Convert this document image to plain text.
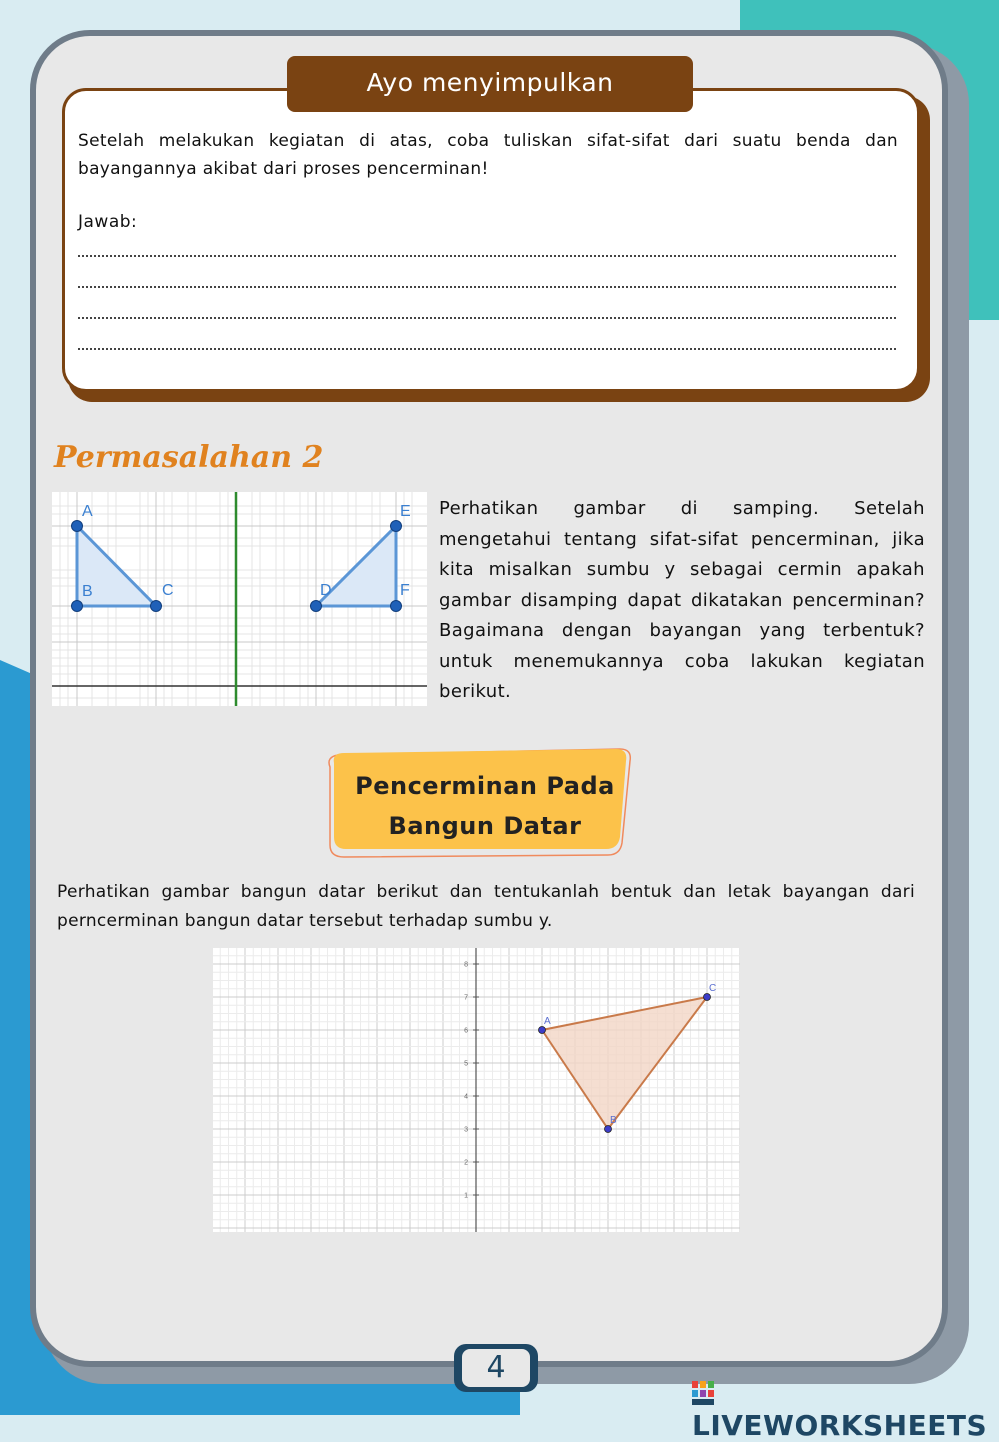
Ayo menyimpulkan
Setelah melakukan kegiatan di atas, coba tuliskan sifat-sifat dari suatu benda dan bayangannya akibat dari proses pencerminan!
Jawab:
Permasalahan 2
A
B	C	D
E
F
Perhatikan gambar di samping. Setelah mengetahui tentang sifat-sifat pencerminan, jika kita misalkan sumbu y sebagai cermin apakah gambar disamping dapat dikatakan pencerminan? Bagaimana dengan bayangan yang terbentuk? untuk menemukannya coba lakukan kegiatan berikut.
Pencerminan Pada
Bangun Datar
Perhatikan gambar bangun datar berikut dan tentukanlah bentuk dan letak bayangan dari perncerminan bangun datar tersebut terhadap sumbu y.
1
2
3
4
5
6
7
8
A
B
C
4
LIVEWORKSHEETS
